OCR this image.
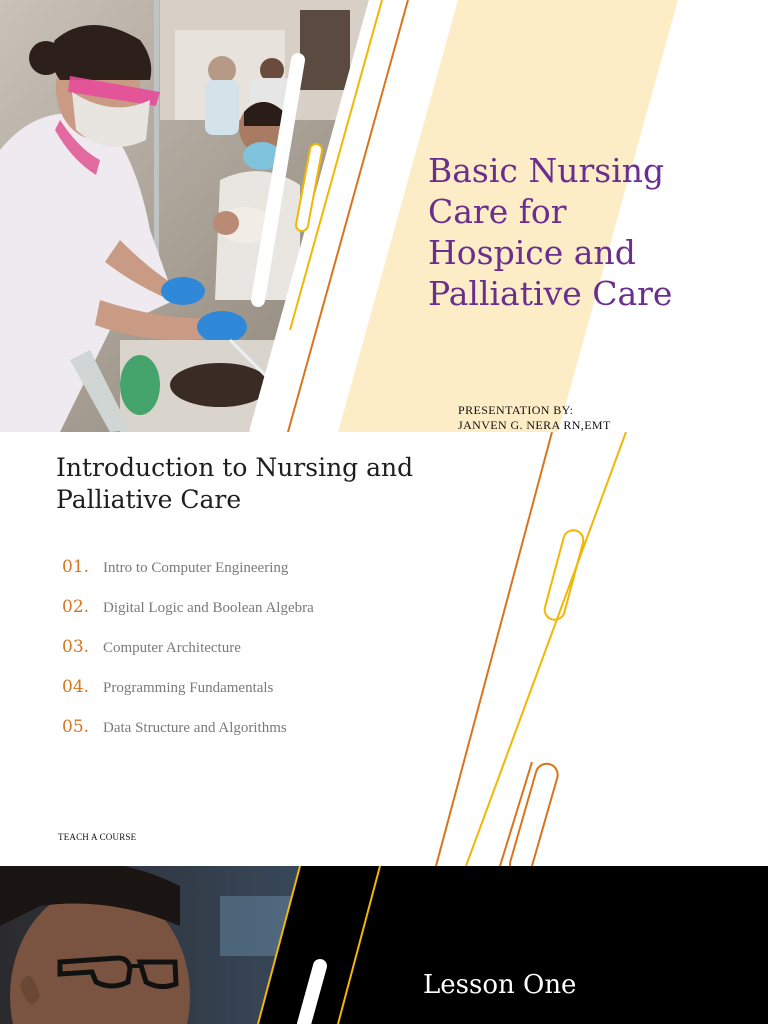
Basic Nursing
Care for
Hospice and
Palliative Care
PRESENTATION BY:
JANVEN G. NERA RN,EMT
Introduction to Nursing and Palliative Care
01. Intro to Computer Engineering
02. Digital Logic and Boolean Algebra
03. Computer Architecture
04. Programming Fundamentals
05. Data Structure and Algorithms
TEACH A COURSE
Lesson One
